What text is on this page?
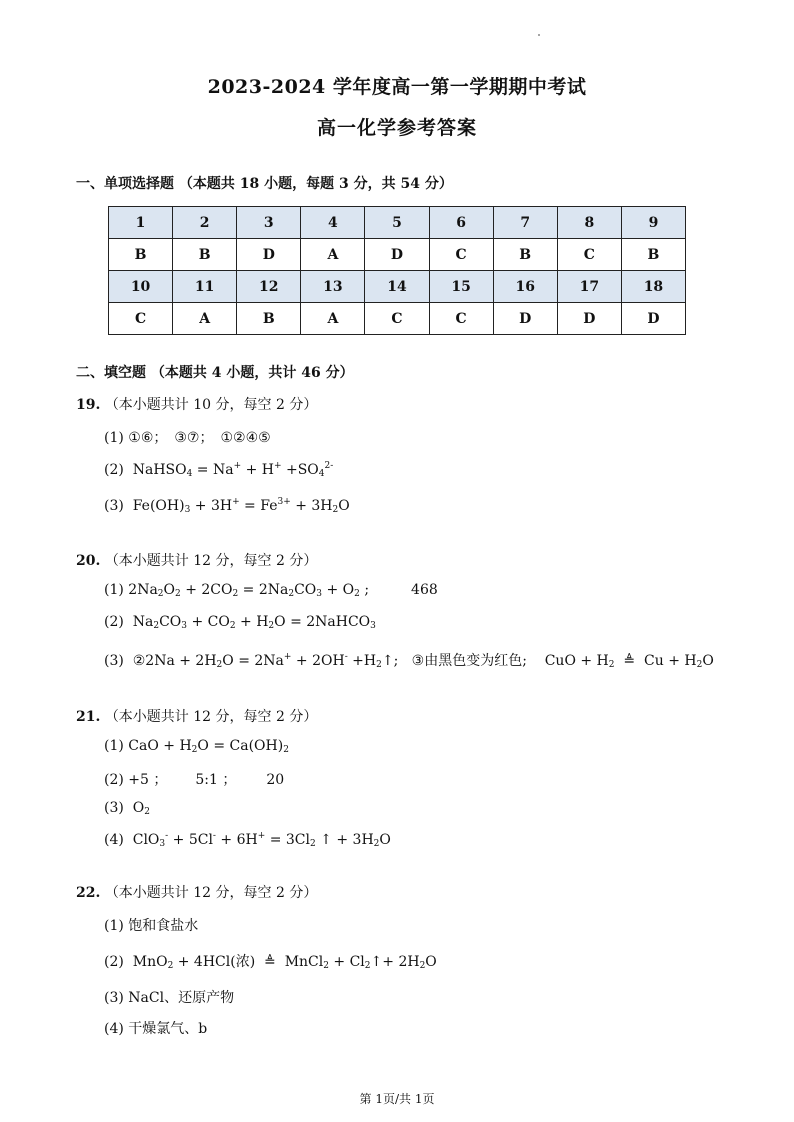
2023-2024 学年度高一第一学期期中考试
高一化学参考答案
一、单项选择题 （本题共 18 小题，每题 3 分，共 54 分）
1	2	3	4	5	6	7	8	9
B	B	D	A	D	C	B	C	B
10	11	12	13	14	15	16	17	18
C	A	B	A	C	C	D	D	D
二、填空题 （本题共 4 小题，共计 46 分）
19. （本小题共计 10 分，每空 2 分）
(1) ①⑥；　③⑦；　①②④⑤
(2)  NaHSO$_4$ = $Na^+ + H^+ +SO_4^{2-}$
(3)  $Fe(OH)_3 + 3H^+ = Fe^{3+} + 3H_2O$
20. （本小题共计 12 分，每空 2 分）
(1) $2Na_2O_2 + 2CO_2 = 2Na_2CO_3 + O_2$ ;	468
(2)  $Na_2CO_3 + CO_2 + H_2O$ = 2NaHCO$_3$
(3)  ②2Na + $2H_2O = 2Na^+ + 2OH^-$ $+H_2↑$;   ③由黑色变为红色;    CuO + $H_2$  ≜  $Cu + H_2O$
21. （本小题共计 12 分，每空 2 分）
(1) CaO + $H_2O = Ca(OH)_2$
(2) +5 ； 5:1 ； 20
(3)  $O_2$
(4)  $ClO_3^- + 5Cl^- + 6H^+ = 3Cl_2$ ↑ + $3H_2O$
22. （本小题共计 12 分，每空 2 分）
(1) 饱和食盐水
(2)  MnO$_2$ + 4HCl(浓)  ≜  MnCl$_2$ + $Cl_2↑+ 2H_2O$
(3) NaCl、还原产物
(4) 干燥氯气、b
第 1页/共 1页
